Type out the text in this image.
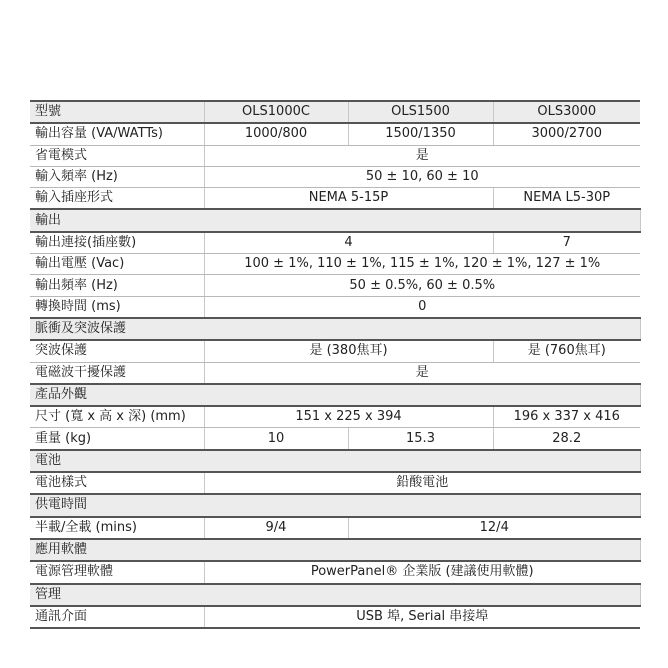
型號	OLS1000C	OLS1500	OLS3000
輸出容量 (VA/WATTs)	1000/800	1500/1350	3000/2700
省電模式	是		
輸入頻率 (Hz)	50 ± 10, 60 ± 10		
輸入插座形式	NEMA 5-15P		NEMA L5-30P
輸出			
輸出連接(插座數)	4		7
輸出電壓 (Vac)	100 ± 1%, 110 ± 1%, 115 ± 1%, 120 ± 1%, 127 ± 1%		
輸出頻率 (Hz)	50 ± 0.5%, 60 ± 0.5%		
轉換時間 (ms)	0		
脈衝及突波保護			
突波保護	是 (380焦耳)		是 (760焦耳)
電磁波干擾保護	是		
產品外觀			
尺寸 (寬 x 高 x 深) (mm)	151 x 225 x 394		196 x 337 x 416
重量 (kg)	10	15.3	28.2
電池			
電池樣式	鉛酸電池		
供電時間			
半載/全載 (mins)	9/4	12/4	
應用軟體			
電源管理軟體	PowerPanel® 企業版 (建議使用軟體)		
管理			
通訊介面	USB 埠, Serial 串接埠		
